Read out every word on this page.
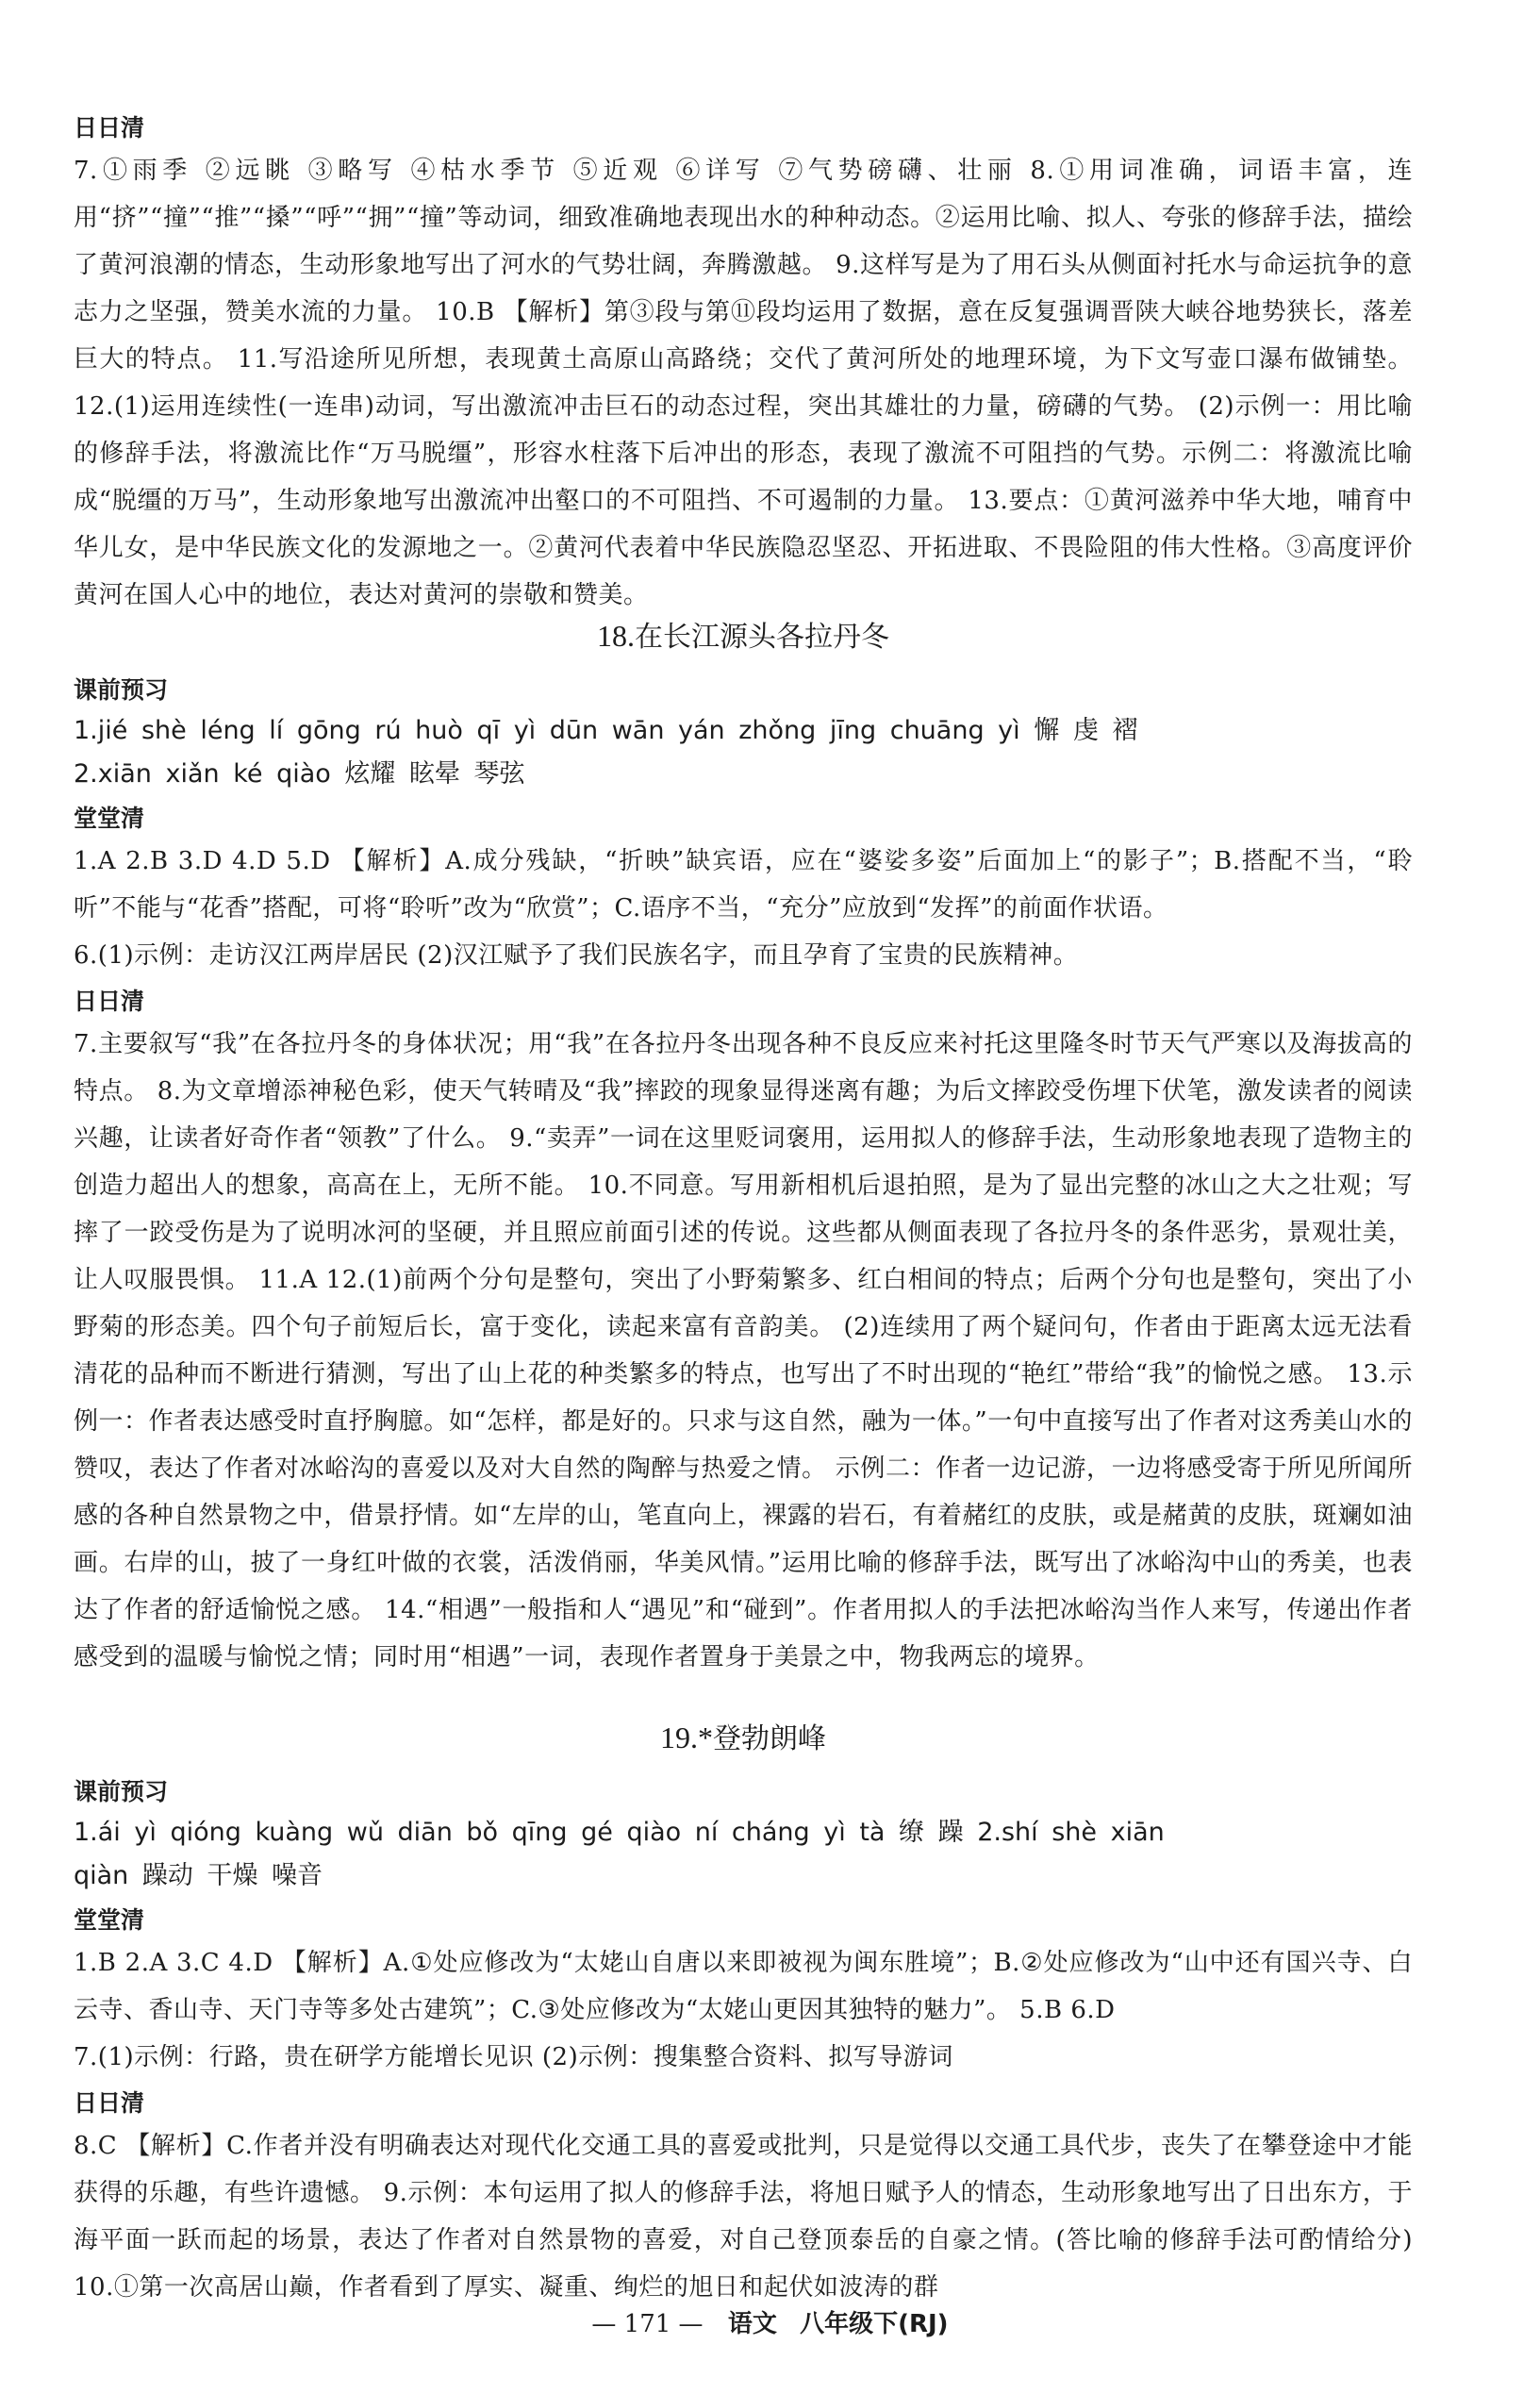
日日清
7.①雨季 ②远眺 ③略写 ④枯水季节 ⑤近观 ⑥详写 ⑦气势磅礴、壮丽 8.①用词准确，词语丰富，连用“挤”“撞”“推”“搡”“呼”“拥”“撞”等动词，细致准确地表现出水的种种动态。②运用比喻、拟人、夸张的修辞手法，描绘了黄河浪潮的情态，生动形象地写出了河水的气势壮阔，奔腾激越。 9.这样写是为了用石头从侧面衬托水与命运抗争的意志力之坚强，赞美水流的力量。 10.B 【解析】第③段与第⑪段均运用了数据，意在反复强调晋陕大峡谷地势狭长，落差巨大的特点。 11.写沿途所见所想，表现黄土高原山高路绕；交代了黄河所处的地理环境，为下文写壶口瀑布做铺垫。 12.(1)运用连续性(一连串)动词，写出激流冲击巨石的动态过程，突出其雄壮的力量，磅礴的气势。 (2)示例一：用比喻的修辞手法，将激流比作“万马脱缰”，形容水柱落下后冲出的形态，表现了激流不可阻挡的气势。示例二：将激流比喻成“脱缰的万马”，生动形象地写出激流冲出壑口的不可阻挡、不可遏制的力量。 13.要点：①黄河滋养中华大地，哺育中华儿女，是中华民族文化的发源地之一。②黄河代表着中华民族隐忍坚忍、开拓进取、不畏险阻的伟大性格。③高度评价黄河在国人心中的地位，表达对黄河的崇敬和赞美。
18.在长江源头各拉丹冬
课前预习
1.jié shè léng lí gōng rú huò qī yì dūn wān yán zhǒng jīng chuāng yì 懈 虔 褶
2.xiān xiǎn ké qiào 炫耀 眩晕 琴弦
堂堂清
1.A 2.B 3.D 4.D 5.D 【解析】A.成分残缺，“折映”缺宾语，应在“婆娑多姿”后面加上“的影子”；B.搭配不当，“聆听”不能与“花香”搭配，可将“聆听”改为“欣赏”；C.语序不当，“充分”应放到“发挥”的前面作状语。
6.(1)示例：走访汉江两岸居民 (2)汉江赋予了我们民族名字，而且孕育了宝贵的民族精神。
日日清
7.主要叙写“我”在各拉丹冬的身体状况；用“我”在各拉丹冬出现各种不良反应来衬托这里隆冬时节天气严寒以及海拔高的特点。 8.为文章增添神秘色彩，使天气转晴及“我”摔跤的现象显得迷离有趣；为后文摔跤受伤埋下伏笔，激发读者的阅读兴趣，让读者好奇作者“领教”了什么。 9.“卖弄”一词在这里贬词褒用，运用拟人的修辞手法，生动形象地表现了造物主的创造力超出人的想象，高高在上，无所不能。 10.不同意。写用新相机后退拍照，是为了显出完整的冰山之大之壮观；写摔了一跤受伤是为了说明冰河的坚硬，并且照应前面引述的传说。这些都从侧面表现了各拉丹冬的条件恶劣，景观壮美，让人叹服畏惧。 11.A 12.(1)前两个分句是整句，突出了小野菊繁多、红白相间的特点；后两个分句也是整句，突出了小野菊的形态美。四个句子前短后长，富于变化，读起来富有音韵美。 (2)连续用了两个疑问句，作者由于距离太远无法看清花的品种而不断进行猜测，写出了山上花的种类繁多的特点，也写出了不时出现的“艳红”带给“我”的愉悦之感。 13.示例一：作者表达感受时直抒胸臆。如“怎样，都是好的。只求与这自然，融为一体。”一句中直接写出了作者对这秀美山水的赞叹，表达了作者对冰峪沟的喜爱以及对大自然的陶醉与热爱之情。 示例二：作者一边记游，一边将感受寄于所见所闻所感的各种自然景物之中，借景抒情。如“左岸的山，笔直向上，裸露的岩石，有着赭红的皮肤，或是赭黄的皮肤，斑斓如油画。右岸的山，披了一身红叶做的衣裳，活泼俏丽，华美风情。”运用比喻的修辞手法，既写出了冰峪沟中山的秀美，也表达了作者的舒适愉悦之感。 14.“相遇”一般指和人“遇见”和“碰到”。作者用拟人的手法把冰峪沟当作人来写，传递出作者感受到的温暖与愉悦之情；同时用“相遇”一词，表现作者置身于美景之中，物我两忘的境界。
19.*登勃朗峰
课前预习
1.ái yì qióng kuàng wǔ diān bǒ qīng gé qiào ní cháng yì tà 缭 躁 2.shí shè xiān
qiàn 躁动 干燥 噪音
堂堂清
1.B 2.A 3.C 4.D 【解析】A.①处应修改为“太姥山自唐以来即被视为闽东胜境”；B.②处应修改为“山中还有国兴寺、白云寺、香山寺、天门寺等多处古建筑”；C.③处应修改为“太姥山更因其独特的魅力”。 5.B 6.D
7.(1)示例：行路，贵在研学方能增长见识 (2)示例：搜集整合资料、拟写导游词
日日清
8.C 【解析】C.作者并没有明确表达对现代化交通工具的喜爱或批判，只是觉得以交通工具代步，丧失了在攀登途中才能获得的乐趣，有些许遗憾。 9.示例：本句运用了拟人的修辞手法，将旭日赋予人的情态，生动形象地写出了日出东方，于海平面一跃而起的场景，表达了作者对自然景物的喜爱，对自己登顶泰岳的自豪之情。(答比喻的修辞手法可酌情给分) 10.①第一次高居山巅，作者看到了厚实、凝重、绚烂的旭日和起伏如波涛的群
— 171 — 语文 八年级下(RJ)
